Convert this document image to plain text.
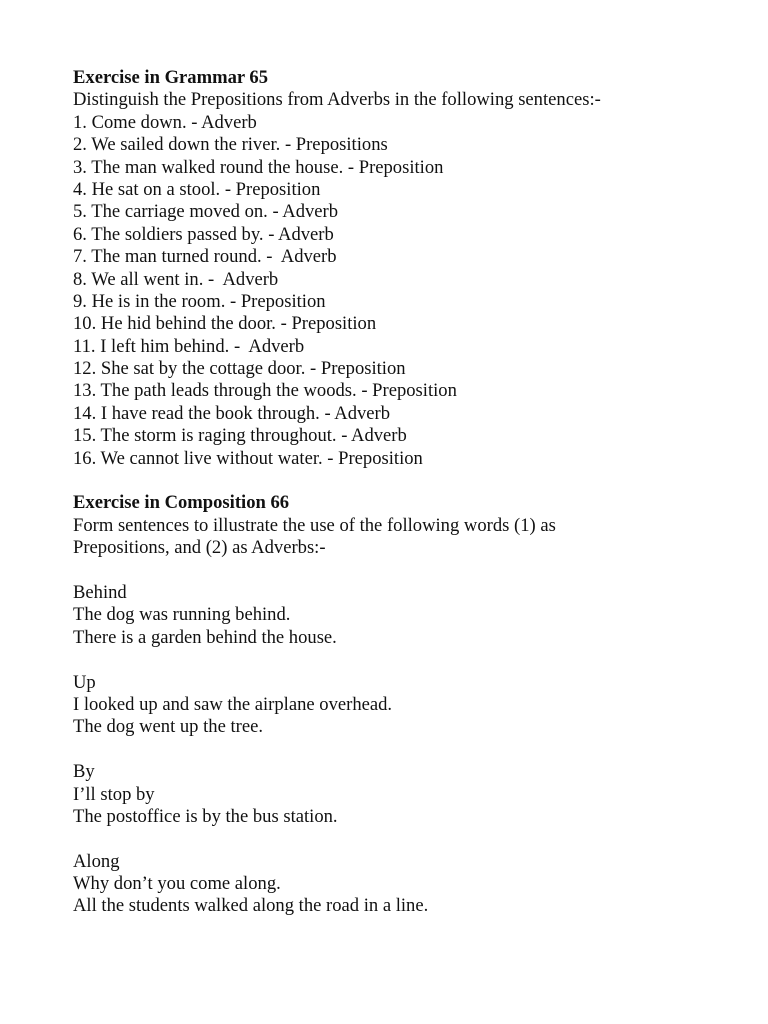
Exercise in Grammar 65
Distinguish the Prepositions from Adverbs in the following sentences:-
1. Come down. - Adverb
2. We sailed down the river. - Prepositions
3. The man walked round the house. - Preposition
4. He sat on a stool. - Preposition
5. The carriage moved on. - Adverb
6. The soldiers passed by. - Adverb
7. The man turned round. -  Adverb
8. We all went in. -  Adverb
9. He is in the room. - Preposition
10. He hid behind the door. - Preposition
11. I left him behind. -  Adverb
12. She sat by the cottage door. - Preposition
13. The path leads through the woods. - Preposition
14. I have read the book through. - Adverb
15. The storm is raging throughout. - Adverb
16. We cannot live without water. - Preposition
Exercise in Composition 66
Form sentences to illustrate the use of the following words (1) as
Prepositions, and (2) as Adverbs:-
Behind
The dog was running behind.
There is a garden behind the house.
Up
I looked up and saw the airplane overhead.
The dog went up the tree.
By
I’ll stop by
The postoffice is by the bus station.
Along
Why don’t you come along.
All the students walked along the road in a line.
